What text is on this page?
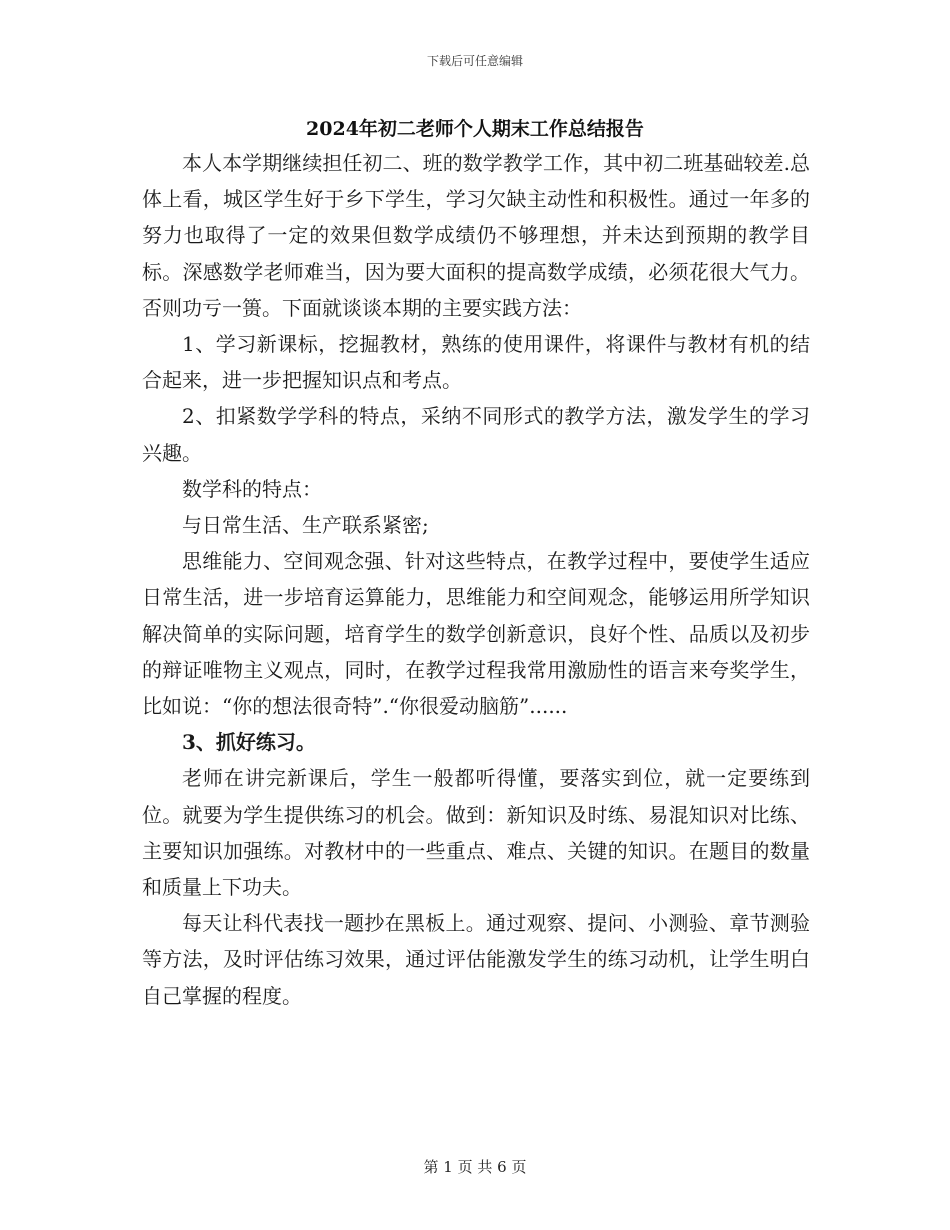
下载后可任意编辑
2024年初二老师个人期末工作总结报告

本人本学期继续担任初二、班的数学教学工作，其中初二班基础较差.总体上看，城区学生好于乡下学生，学习欠缺主动性和积极性。通过一年多的努力也取得了一定的效果但数学成绩仍不够理想，并未达到预期的教学目标。深感数学老师难当，因为要大面积的提高数学成绩，必须花很大气力。否则功亏一篑。下面就谈谈本期的主要实践方法：

1、学习新课标，挖掘教材，熟练的使用课件，将课件与教材有机的结合起来，进一步把握知识点和考点。

2、扣紧数学学科的特点，采纳不同形式的教学方法，激发学生的学习兴趣。

数学科的特点：

与日常生活、生产联系紧密;

思维能力、空间观念强、针对这些特点，在教学过程中，要使学生适应日常生活，进一步培育运算能力，思维能力和空间观念，能够运用所学知识解决简单的实际问题，培育学生的数学创新意识，良好个性、品质以及初步的辩证唯物主义观点，同时，在教学过程我常用激励性的语言来夸奖学生，比如说：“你的想法很奇特”.“你很爱动脑筋”......

3、抓好练习。

老师在讲完新课后，学生一般都听得懂，要落实到位，就一定要练到位。就要为学生提供练习的机会。做到：新知识及时练、易混知识对比练、主要知识加强练。对教材中的一些重点、难点、关键的知识。在题目的数量和质量上下功夫。

每天让科代表找一题抄在黑板上。通过观察、提问、小测验、章节测验等方法，及时评估练习效果，通过评估能激发学生的练习动机，让学生明白自己掌握的程度。

第 1 页 共 6 页
